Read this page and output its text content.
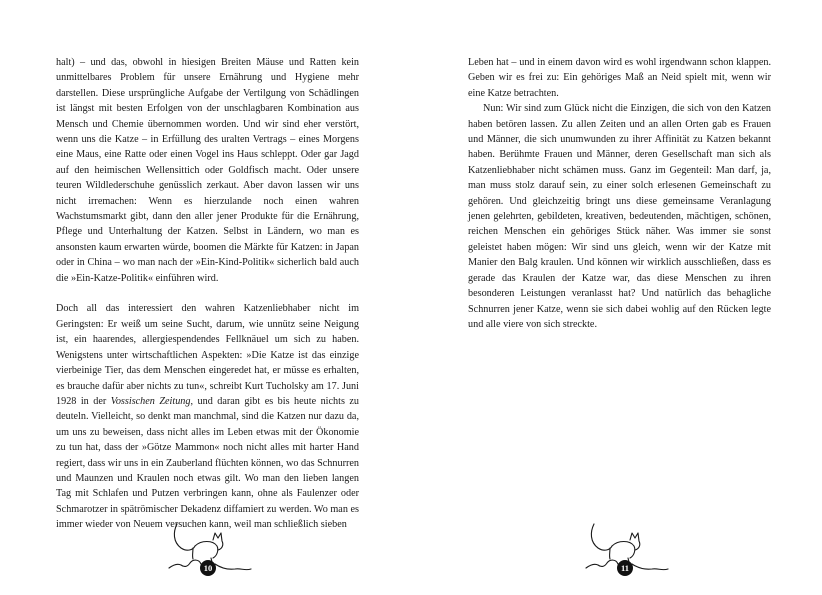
halt) – und das, obwohl in hiesigen Breiten Mäuse und Ratten kein unmittelbares Problem für unsere Ernährung und Hygiene mehr darstellen. Diese ursprüngliche Aufgabe der Vertilgung von Schädlingen ist längst mit besten Erfolgen von der unschlagbaren Kombination aus Mensch und Chemie übernommen worden. Und wir sind eher verstört, wenn uns die Katze – in Erfüllung des uralten Vertrags – eines Morgens eine Maus, eine Ratte oder einen Vogel ins Haus schleppt. Oder gar Jagd auf den heimischen Wellensittich oder Goldfisch macht. Oder unsere teuren Wildlederschuhe genüsslich zerkaut. Aber davon lassen wir uns nicht irremachen: Wenn es hierzulande noch einen wahren Wachstumsmarkt gibt, dann den aller jener Produkte für die Ernährung, Pflege und Unterhaltung der Katzen. Selbst in Ländern, wo man es ansonsten kaum erwarten würde, boomen die Märkte für Katzen: in Japan oder in China – wo man nach der »Ein-Kind-Politik« sicherlich bald auch die »Ein-Katze-Politik« einführen wird.

Doch all das interessiert den wahren Katzenliebhaber nicht im Geringsten: Er weiß um seine Sucht, darum, wie unnütz seine Neigung ist, ein haarendes, allergiespendendes Fellknäuel um sich zu haben. Wenigstens unter wirtschaftlichen Aspekten: »Die Katze ist das einzige vierbeinige Tier, das dem Menschen eingeredet hat, er müsse es erhalten, es brauche dafür aber nichts zu tun«, schreibt Kurt Tucholsky am 17. Juni 1928 in der Vossischen Zeitung, und daran gibt es bis heute nichts zu deuteln. Vielleicht, so denkt man manchmal, sind die Katzen nur dazu da, um uns zu beweisen, dass nicht alles im Leben etwas mit der Ökonomie zu tun hat, dass der »Götze Mammon« noch nicht alles mit harter Hand regiert, dass wir uns in ein Zauberland flüchten können, wo das Schnurren und Maunzen und Kraulen noch etwas gilt. Wo man den lieben langen Tag mit Schlafen und Putzen verbringen kann, ohne als Faulenzer oder Schmarotzer in spätrömischer Dekadenz diffamiert zu werden. Wo man es immer wieder von Neuem versuchen kann, weil man schließlich sieben

10

Leben hat – und in einem davon wird es wohl irgendwann schon klappen. Geben wir es frei zu: Ein gehöriges Maß an Neid spielt mit, wenn wir eine Katze betrachten.

Nun: Wir sind zum Glück nicht die Einzigen, die sich von den Katzen haben betören lassen. Zu allen Zeiten und an allen Orten gab es Frauen und Männer, die sich unumwunden zu ihrer Affinität zu Katzen bekannt haben. Berühmte Frauen und Männer, deren Gesellschaft man sich als Katzenliebhaber nicht schämen muss. Ganz im Gegenteil: Man darf, ja, man muss stolz darauf sein, zu einer solch erlesenen Gemeinschaft zu gehören. Und gleichzeitig bringt uns diese gemeinsame Veranlagung jenen gelehrten, gebildeten, kreativen, bedeutenden, mächtigen, schönen, reichen Menschen ein gehöriges Stück näher. Was immer sie sonst geleistet haben mögen: Wir sind uns gleich, wenn wir der Katze mit Manier den Balg kraulen. Und können wir wirklich ausschließen, dass es gerade das Kraulen der Katze war, das diese Menschen zu ihren besonderen Leistungen veranlasst hat? Und natürlich das behagliche Schnurren jener Katze, wenn sie sich dabei wohlig auf den Rücken legte und alle viere von sich streckte.

11
